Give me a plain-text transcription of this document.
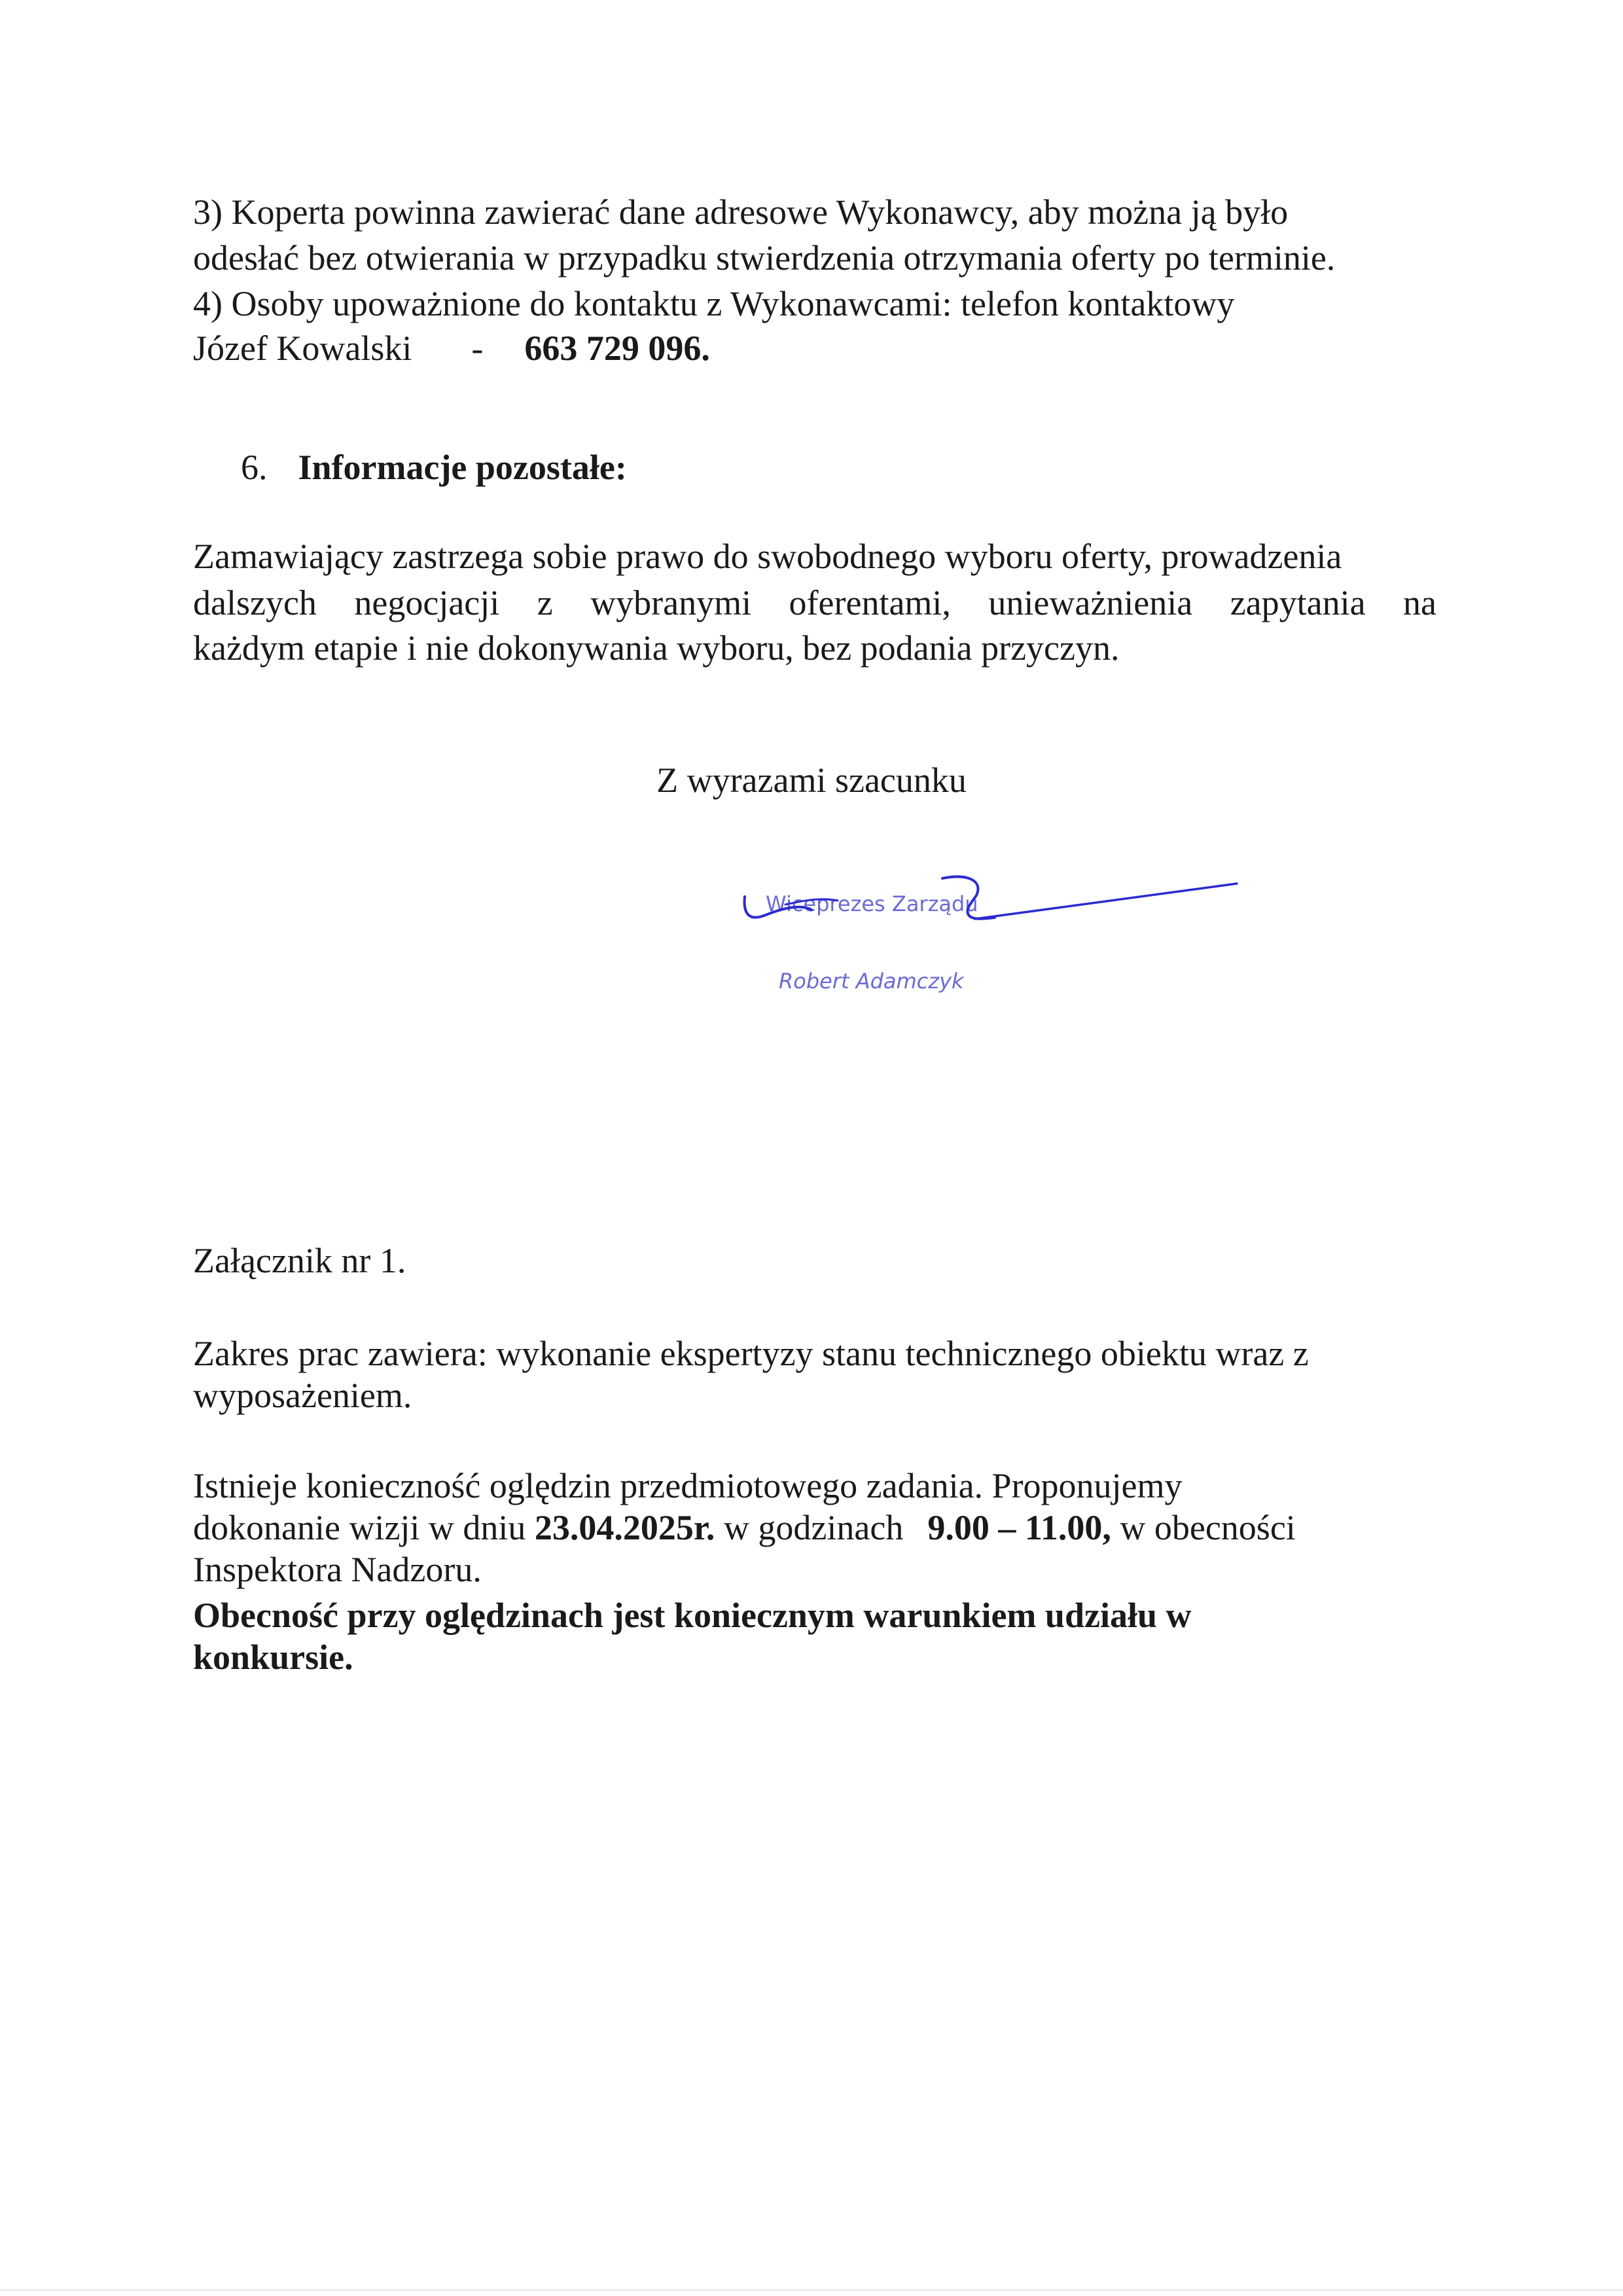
3) Koperta powinna zawierać dane adresowe Wykonawcy, aby można ją było
odesłać bez otwierania w przypadku stwierdzenia otrzymania oferty po terminie.
4) Osoby upoważnione do kontaktu z Wykonawcami: telefon kontaktowy
Józef Kowalski - 663 729 096.
6. Informacje pozostałe:
Zamawiający zastrzega sobie prawo do swobodnego wyboru oferty, prowadzenia
dalszych negocjacji z wybranymi oferentami, unieważnienia zapytania na
każdym etapie i nie dokonywania wyboru, bez podania przyczyn.
Z wyrazami szacunku
Wiceprezes Zarządu
Robert Adamczyk
Załącznik nr 1.
Zakres prac zawiera: wykonanie ekspertyzy stanu technicznego obiektu wraz z
wyposażeniem.
Istnieje konieczność oględzin przedmiotowego zadania. Proponujemy
dokonanie wizji w dniu 23.04.2025r. w godzinach 9.00 – 11.00, w obecności
Inspektora Nadzoru.
Obecność przy oględzinach jest koniecznym warunkiem udziału w
konkursie.
